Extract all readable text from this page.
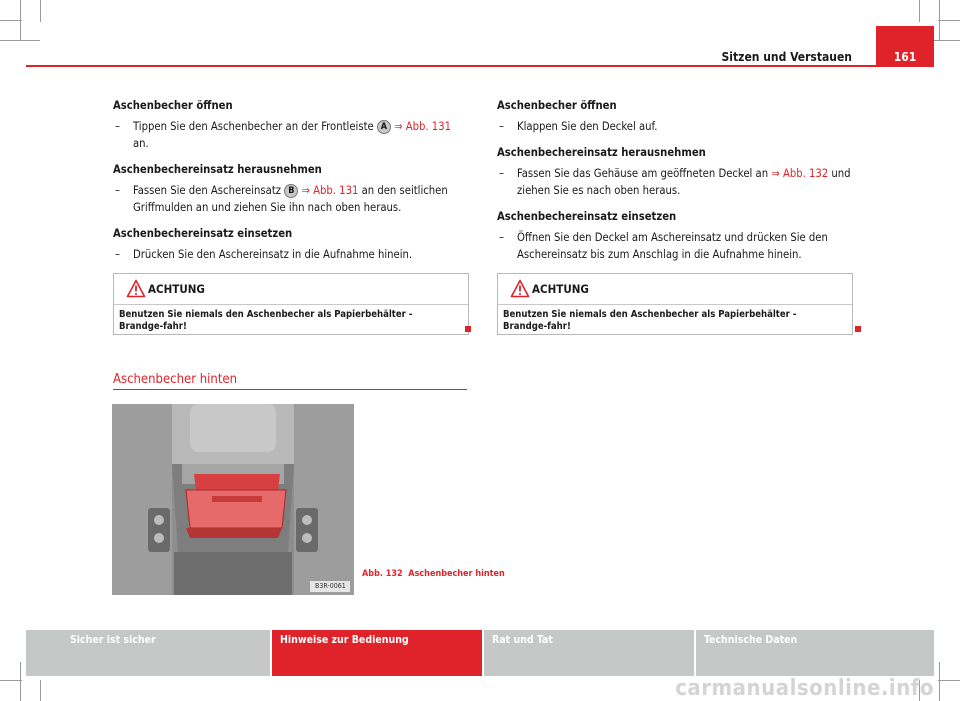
Sitzen und Verstauen	161

Aschenbecher öffnen

– Tippen Sie den Aschenbecher an der Frontleiste A ⇒ Abb. 131 an.

Aschenbechereinsatz herausnehmen

– Fassen Sie den Aschereinsatz B ⇒ Abb. 131 an den seitlichen Griffmulden an und ziehen Sie ihn nach oben heraus.

Aschenbechereinsatz einsetzen

– Drücken Sie den Aschereinsatz in die Aufnahme hinein.

ACHTUNG
Benutzen Sie niemals den Aschenbecher als Papierbehälter - Brandge-fahr!
Aschenbecher hinten
B3R-0061
Abb. 132 Aschenbecher hinten

Aschenbecher öffnen

– Klappen Sie den Deckel auf.

Aschenbechereinsatz herausnehmen

– Fassen Sie das Gehäuse am geöffneten Deckel an ⇒ Abb. 132 und ziehen Sie es nach oben heraus.

Aschenbechereinsatz einsetzen

– Öffnen Sie den Deckel am Aschereinsatz und drücken Sie den Aschereinsatz bis zum Anschlag in die Aufnahme hinein.

ACHTUNG
Benutzen Sie niemals den Aschenbecher als Papierbehälter - Brandge-fahr!
Sicher ist sicher	Hinweise zur Bedienung	Rat und Tat	Technische Daten
carmanualsonline.info
